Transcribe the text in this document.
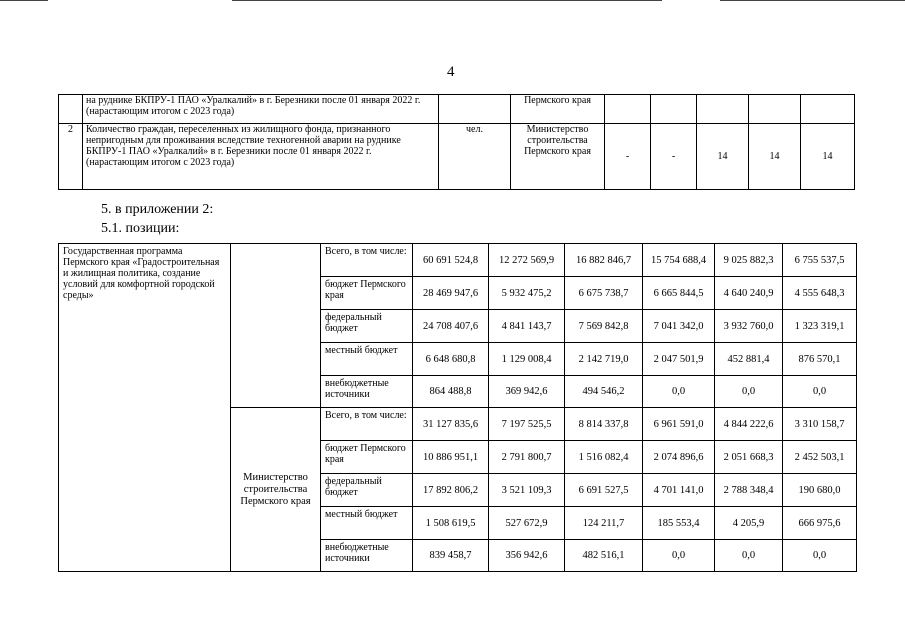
4
	на руднике БКПРУ-1 ПАО «Уралкалий» в г. Березники после 01 января 2022 г. (нарастающим итогом с 2023 года)		Пермского края					
2	Количество граждан, переселенных из жилищного фонда, признанного непригодным для проживания вследствие техногенной аварии на руднике БКПРУ-1 ПАО «Уралкалий» в г. Березники после 01 января 2022 г. (нарастающим итогом с 2023 года)	чел.	Министерство строительства Пермского края	-	-	14	14	14
5. в приложении 2:
5.1. позиции:
Государственная программа Пермского края «Градостроительная и жилищная политика, создание условий для комфортной городской среды»		Всего, в том числе:	60 691 524,8	12 272 569,9	16 882 846,7	15 754 688,4	9 025 882,3	6 755 537,5
		бюджет Пермского края	28 469 947,6	5 932 475,2	6 675 738,7	6 665 844,5	4 640 240,9	4 555 648,3
		федеральный бюджет	24 708 407,6	4 841 143,7	7 569 842,8	7 041 342,0	3 932 760,0	1 323 319,1
		местный бюджет	6 648 680,8	1 129 008,4	2 142 719,0	2 047 501,9	452 881,4	876 570,1
		внебюджетные источники	864 488,8	369 942,6	494 546,2	0,0	0,0	0,0
	Министерство строительства Пермского края	Всего, в том числе:	31 127 835,6	7 197 525,5	8 814 337,8	6 961 591,0	4 844 222,6	3 310 158,7
		бюджет Пермского края	10 886 951,1	2 791 800,7	1 516 082,4	2 074 896,6	2 051 668,3	2 452 503,1
		федеральный бюджет	17 892 806,2	3 521 109,3	6 691 527,5	4 701 141,0	2 788 348,4	190 680,0
		местный бюджет	1 508 619,5	527 672,9	124 211,7	185 553,4	4 205,9	666 975,6
		внебюджетные источники	839 458,7	356 942,6	482 516,1	0,0	0,0	0,0
